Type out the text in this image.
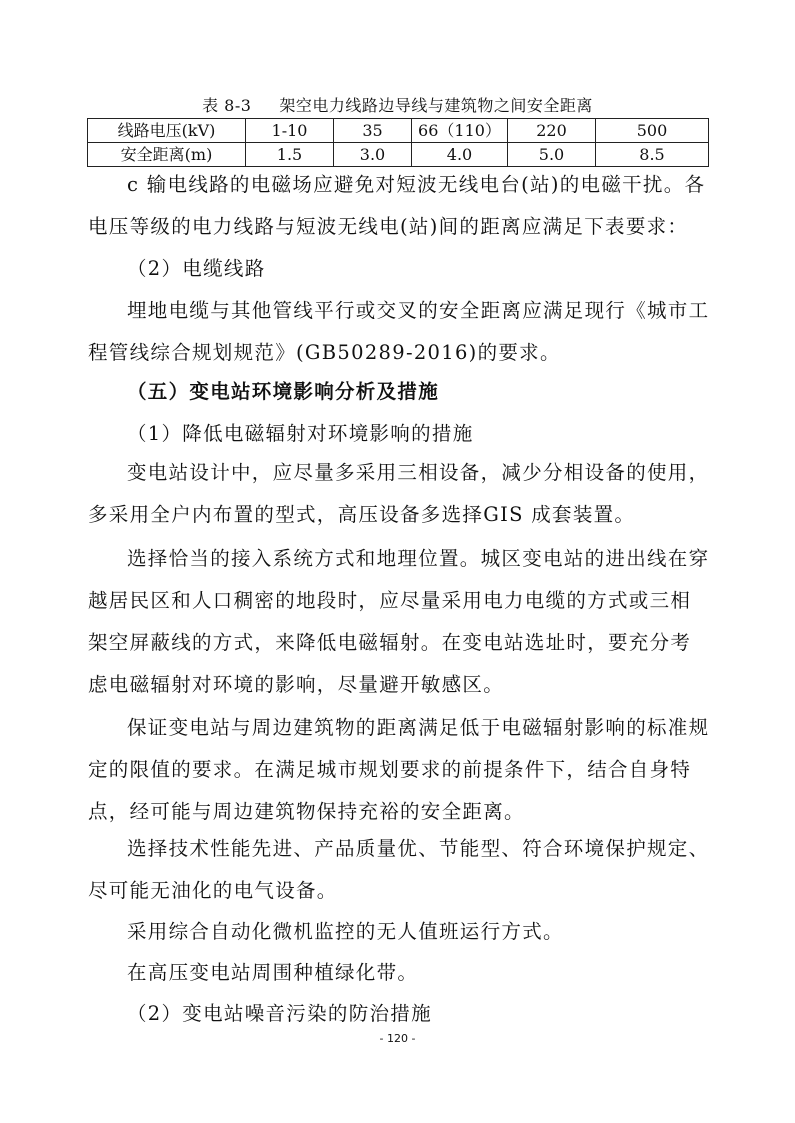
表 8-3 架空电力线路边导线与建筑物之间安全距离
线路电压(kV)	1-10	35	66（110）	220	500
安全距离(m)	1.5	3.0	4.0	5.0	8.5

c 输电线路的电磁场应避免对短波无线电台(站)的电磁干扰。各电压等级的电力线路与短波无线电(站)间的距离应满足下表要求：

（2）电缆线路

埋地电缆与其他管线平行或交叉的安全距离应满足现行《城市工程管线综合规划规范》(GB50289-2016)的要求。

（五）变电站环境影响分析及措施

（1）降低电磁辐射对环境影响的措施

变电站设计中，应尽量多采用三相设备，减少分相设备的使用，多采用全户内布置的型式，高压设备多选择GIS 成套装置。

选择恰当的接入系统方式和地理位置。城区变电站的进出线在穿越居民区和人口稠密的地段时，应尽量采用电力电缆的方式或三相架空屏蔽线的方式，来降低电磁辐射。在变电站选址时，要充分考虑电磁辐射对环境的影响，尽量避开敏感区。

保证变电站与周边建筑物的距离满足低于电磁辐射影响的标准规定的限值的要求。在满足城市规划要求的前提条件下，结合自身特点，经可能与周边建筑物保持充裕的安全距离。

选择技术性能先进、产品质量优、节能型、符合环境保护规定、尽可能无油化的电气设备。

采用综合自动化微机监控的无人值班运行方式。

在高压变电站周围种植绿化带。

（2）变电站噪音污染的防治措施

- 120 -
